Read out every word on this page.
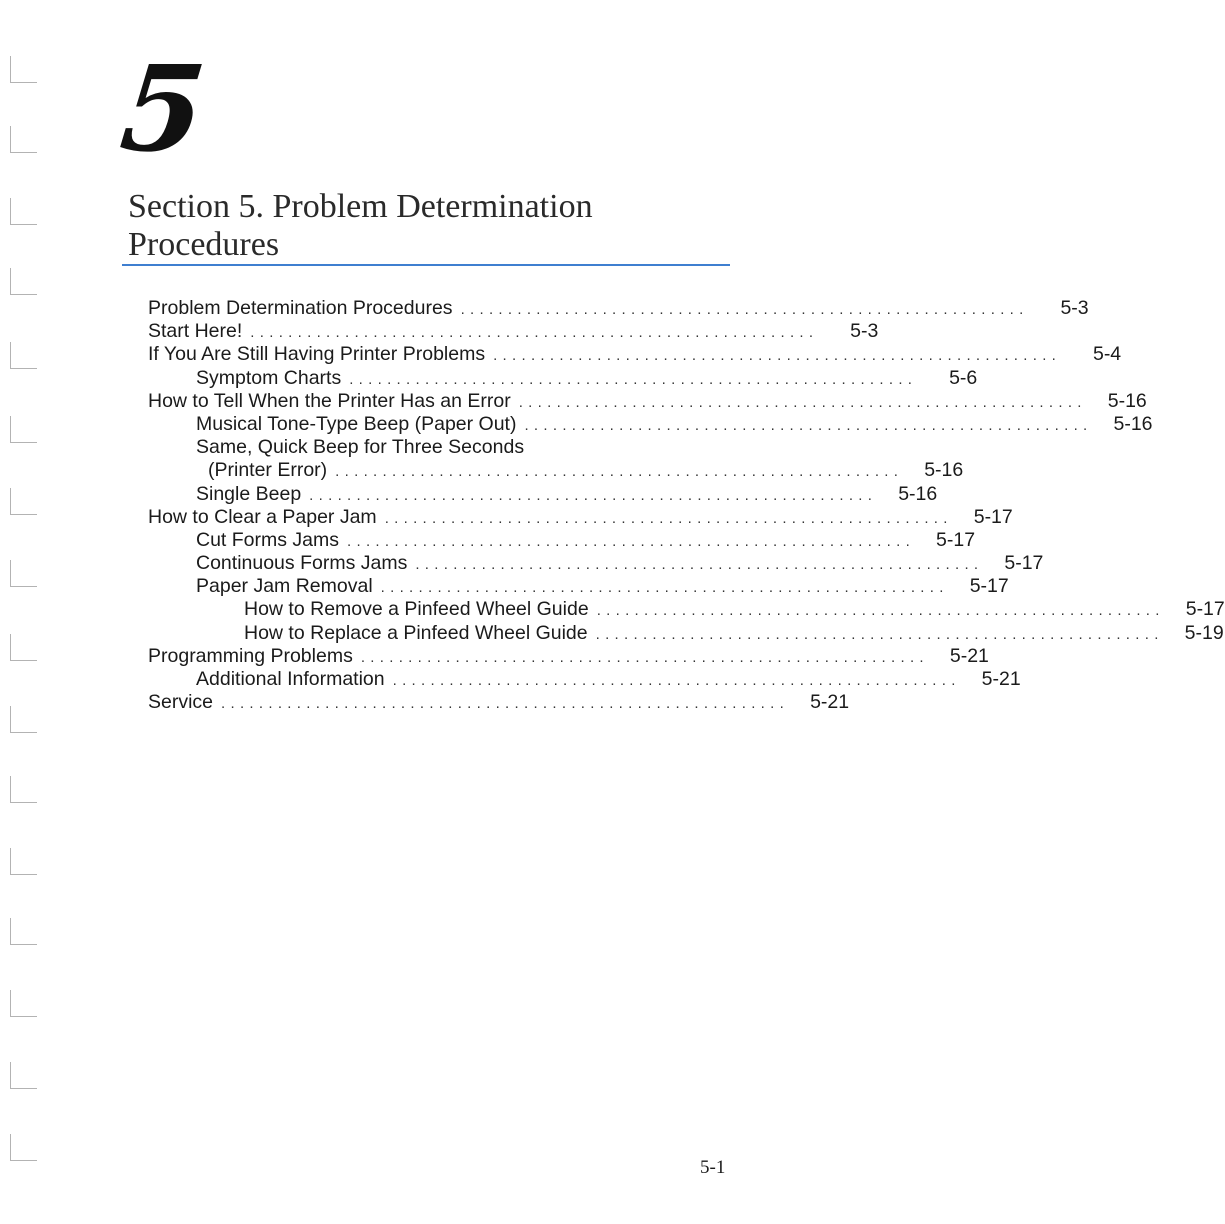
5
Section 5. Problem Determination Procedures
Problem Determination Procedures ............................................................	5-3
Start Here! ............................................................	5-3
If You Are Still Having Printer Problems ............................................................	5-4
Symptom Charts ............................................................	5-6
How to Tell When the Printer Has an Error ............................................................	5-16
Musical Tone-Type Beep (Paper Out) ............................................................	5-16
Same, Quick Beep for Three Seconds
(Printer Error) ............................................................	5-16
Single Beep ............................................................	5-16
How to Clear a Paper Jam ............................................................	5-17
Cut Forms Jams ............................................................	5-17
Continuous Forms Jams ............................................................	5-17
Paper Jam Removal ............................................................	5-17
How to Remove a Pinfeed Wheel Guide ............................................................	5-17
How to Replace a Pinfeed Wheel Guide ............................................................	5-19
Programming Problems ............................................................	5-21
Additional Information ............................................................	5-21
Service ............................................................	5-21
5-1
